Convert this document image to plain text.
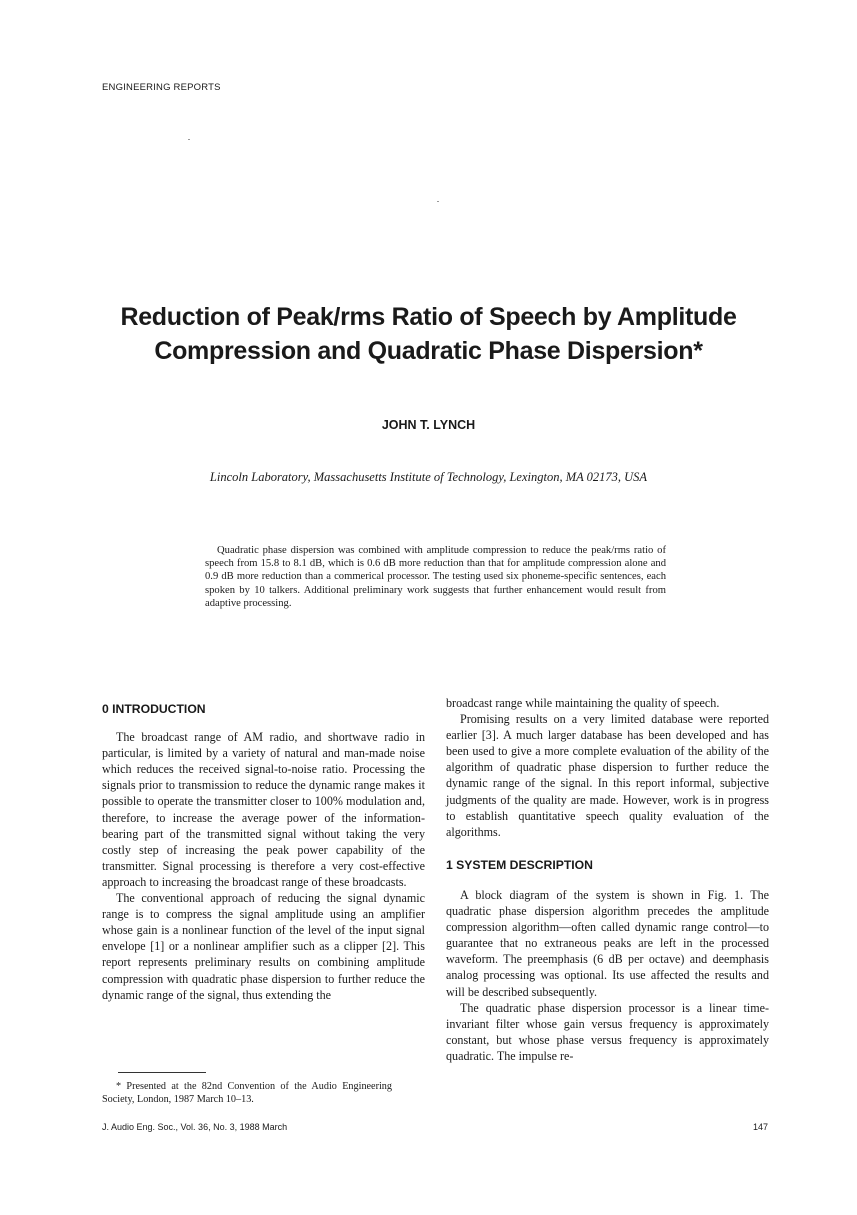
ENGINEERING REPORTS
Reduction of Peak/rms Ratio of Speech by Amplitude
Compression and Quadratic Phase Dispersion*
JOHN T. LYNCH
Lincoln Laboratory, Massachusetts Institute of Technology, Lexington, MA 02173, USA
Quadratic phase dispersion was combined with amplitude compression to reduce the peak/rms ratio of speech from 15.8 to 8.1 dB, which is 0.6 dB more reduction than that for amplitude compression alone and 0.9 dB more reduction than a commerical processor. The testing used six phoneme-specific sentences, each spoken by 10 talkers. Additional preliminary work suggests that further enhancement would result from adaptive processing.
0 INTRODUCTION

The broadcast range of AM radio, and shortwave radio in particular, is limited by a variety of natural and man-made noise which reduces the received signal-to-noise ratio. Processing the signals prior to transmission to reduce the dynamic range makes it possible to operate the transmitter closer to 100% modulation and, therefore, to increase the average power of the information-bearing part of the transmitted signal without taking the very costly step of increasing the peak power capability of the transmitter. Signal processing is therefore a very cost-effective approach to increasing the broadcast range of these broadcasts.

The conventional approach of reducing the signal dynamic range is to compress the signal amplitude using an amplifier whose gain is a nonlinear function of the level of the input signal envelope [1] or a nonlinear amplifier such as a clipper [2]. This report represents preliminary results on combining amplitude compression with quadratic phase dispersion to further reduce the dynamic range of the signal, thus extending the

broadcast range while maintaining the quality of speech.

Promising results on a very limited database were reported earlier [3]. A much larger database has been developed and has been used to give a more complete evaluation of the ability of the algorithm of quadratic phase dispersion to further reduce the dynamic range of the signal. In this report informal, subjective judgments of the quality are made. However, work is in progress to establish quantitative speech quality evaluation of the algorithms.

1 SYSTEM DESCRIPTION

A block diagram of the system is shown in Fig. 1. The quadratic phase dispersion algorithm precedes the amplitude compression algorithm—often called dynamic range control—to guarantee that no extraneous peaks are left in the processed waveform. The preemphasis (6 dB per octave) and deemphasis analog processing was optional. Its use affected the results and will be described subsequently.

The quadratic phase dispersion processor is a linear time-invariant filter whose gain versus frequency is approximately constant, but whose phase versus frequency is approximately quadratic. The impulse re-

* Presented at the 82nd Convention of the Audio Engineering Society, London, 1987 March 10–13.
J. Audio Eng. Soc., Vol. 36, No. 3, 1988 March	147
